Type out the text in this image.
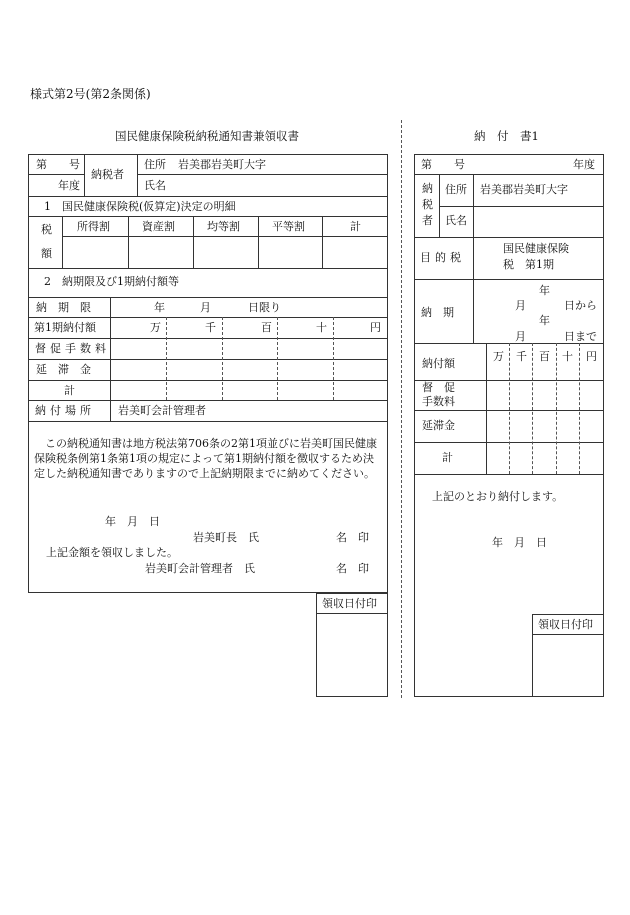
様式第2号(第2条関係)
国民健康保険税納税通知書兼領収書
第　　号
年度
納税者
住所 岩美郡岩美町大字
氏名
1　国民健康保険税(仮算定)決定の明細
税
額
所得割	資産割	均等割	平等割	計
2　納期限及び1期納付額等
納　期　限	年	月	日限り
第1期納付額	万	千	百	十	円
督促手数料
延　滞　金
計
納付場所 岩美町会計管理者
この納税通知書は地方税法第706条の2第1項並びに岩美町国民健康保険税条例第1条第1項の規定によって第1期納付額を徴収するため決定した納税通知書でありますので上記納期限までに納めてください。
年　月　日
岩美町長　氏	名　印
上記金額を領収しました。
岩美町会計管理者　氏	名　印
領収日付印
納　付　書1
第　　号	年度
納税者
住所 岩美郡岩美町大字
氏名
目的税
国民健康保険
税　第1期
納　期
年
月	日から
年
月	日まで
納付額
万 千 百 十 円
督　促
手数料
延滞金
計
上記のとおり納付します。
年　月　日
領収日付印
